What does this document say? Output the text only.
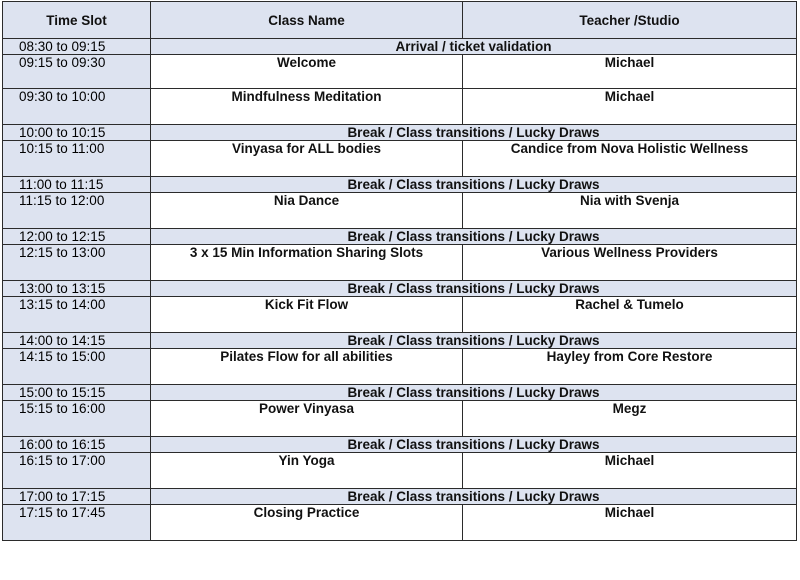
Time Slot	Class Name	Teacher /Studio
08:30 to 09:15	Arrival / ticket validation	
09:15 to 09:30	Welcome	Michael
09:30 to 10:00	Mindfulness Meditation	Michael
10:00 to 10:15	Break / Class transitions / Lucky Draws	
10:15 to 11:00	Vinyasa for ALL bodies	Candice from Nova Holistic Wellness
11:00 to 11:15	Break / Class transitions / Lucky Draws	
11:15 to 12:00	Nia Dance	Nia with Svenja
12:00 to 12:15	Break / Class transitions / Lucky Draws	
12:15 to 13:00	3 x 15 Min Information Sharing Slots	Various Wellness Providers
13:00 to 13:15	Break / Class transitions / Lucky Draws	
13:15 to 14:00	Kick Fit Flow	Rachel & Tumelo
14:00 to 14:15	Break / Class transitions / Lucky Draws	
14:15 to 15:00	Pilates Flow for all abilities	Hayley from Core Restore
15:00 to 15:15	Break / Class transitions / Lucky Draws	
15:15 to 16:00	Power Vinyasa	Megz
16:00 to 16:15	Break / Class transitions / Lucky Draws	
16:15 to 17:00	Yin Yoga	Michael
17:00 to 17:15	Break / Class transitions / Lucky Draws	
17:15 to 17:45	Closing Practice	Michael
